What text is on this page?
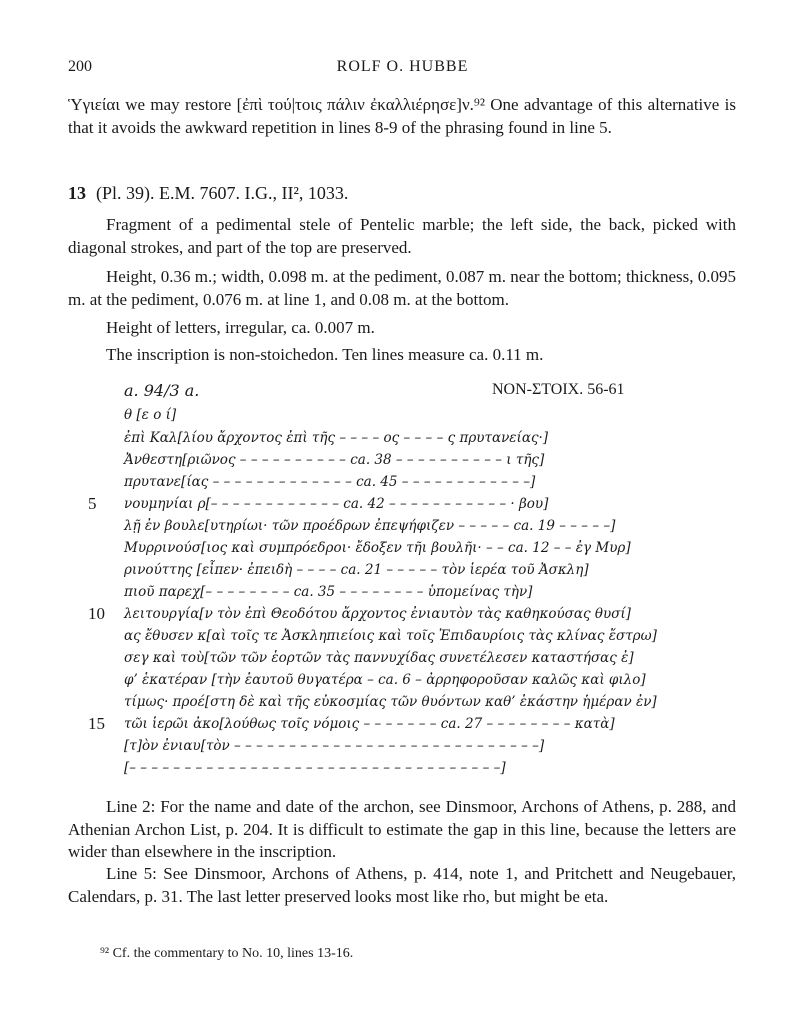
200	ROLF O. HUBBE
Ὑγιείαι we may restore [ἐπὶ τού|τοις πάλιν ἐκαλλιέρησε]ν.⁹² One advantage of this alternative is that it avoids the awkward repetition in lines 8-9 of the phrasing found in line 5.
13 (Pl. 39). E.M. 7607. I.G., II², 1033.
Fragment of a pedimental stele of Pentelic marble; the left side, the back, picked with diagonal strokes, and part of the top are preserved.
Height, 0.36 m.; width, 0.098 m. at the pediment, 0.087 m. near the bottom; thickness, 0.095 m. at the pediment, 0.076 m. at line 1, and 0.08 m. at the bottom.
Height of letters, irregular, ca. 0.007 m.
The inscription is non-stoichedon. Ten lines measure ca. 0.11 m.
a. 94/3 a.	NON-ΣΤΟΙΧ. 56-61
θ [ε ο ί]
ἐπὶ Καλ[λίου ἄρχοντος ἐπὶ τῆς – – – – ος – – – – ς πρυτανείας·]
Ἀνθεστη[ριῶνος – – – – – – – – – – ca. 38 – – – – – – – – – – ι τῆς]
πρυτανε[ίας – – – – – – – – – – – – – ca. 45 – – – – – – – – – – – –]
νουμηνίαι ρ[– – – – – – – – – – – – ca. 42 – – – – – – – – – – – · βου]
λῇ ἐν βουλε[υτηρίωι· τῶν προέδρων ἐπεψήφιζεν – – – – – ca. 19 – – – – –]
Μυρρινούσ[ιος καὶ συμπρόεδροι· ἔδοξεν τῆι βουλῆι· – – ca. 12 – – ἐγ Μυρ]
ρινούττης [εἶπεν· ἐπειδὴ – – – – ca. 21 – – – – – τὸν ἱερέα τοῦ Ἀσκλη]
πιοῦ παρεχ[– – – – – – – – ca. 35 – – – – – – – – ὑπομείνας τὴν]
λειτουργία[ν τὸν ἐπὶ Θεοδότου ἄρχοντος ἐνιαυτὸν τὰς καθηκούσας θυσί]
ας ἔθυσεν κ[αὶ τοῖς τε Ἀσκληπιείοις καὶ τοῖς Ἐπιδαυρίοις τὰς κλίνας ἔστρω]
σεγ καὶ τοὺ[τῶν τῶν ἑορτῶν τὰς παννυχίδας συνετέλεσεν καταστήσας ἐ]
φ’ ἑκατέραν [τὴν ἑαυτοῦ θυγατέρα – ca. 6 – ἀρρηφοροῦσαν καλῶς καὶ φιλο]
τίμως· προέ[στη δὲ καὶ τῆς εὐκοσμίας τῶν θυόντων καθ’ ἑκάστην ἡμέραν ἐν]
τῶι ἱερῶι ἀκο[λούθως τοῖς νόμοις – – – – – – – ca. 27 – – – – – – – – κατὰ]
[τ]ὸν ἐνιαυ[τὸν – – – – – – – – – – – – – – – – – – – – – – – – – – – –]
[– – – – – – – – – – – – – – – – – – – – – – – – – – – – – – – – – –]
5
10
15
Line 2: For the name and date of the archon, see Dinsmoor, Archons of Athens, p. 288, and Athenian Archon List, p. 204. It is difficult to estimate the gap in this line, because the letters are wider than elsewhere in the inscription.
Line 5: See Dinsmoor, Archons of Athens, p. 414, note 1, and Pritchett and Neugebauer, Calendars, p. 31. The last letter preserved looks most like rho, but might be eta.
⁹² Cf. the commentary to No. 10, lines 13-16.
